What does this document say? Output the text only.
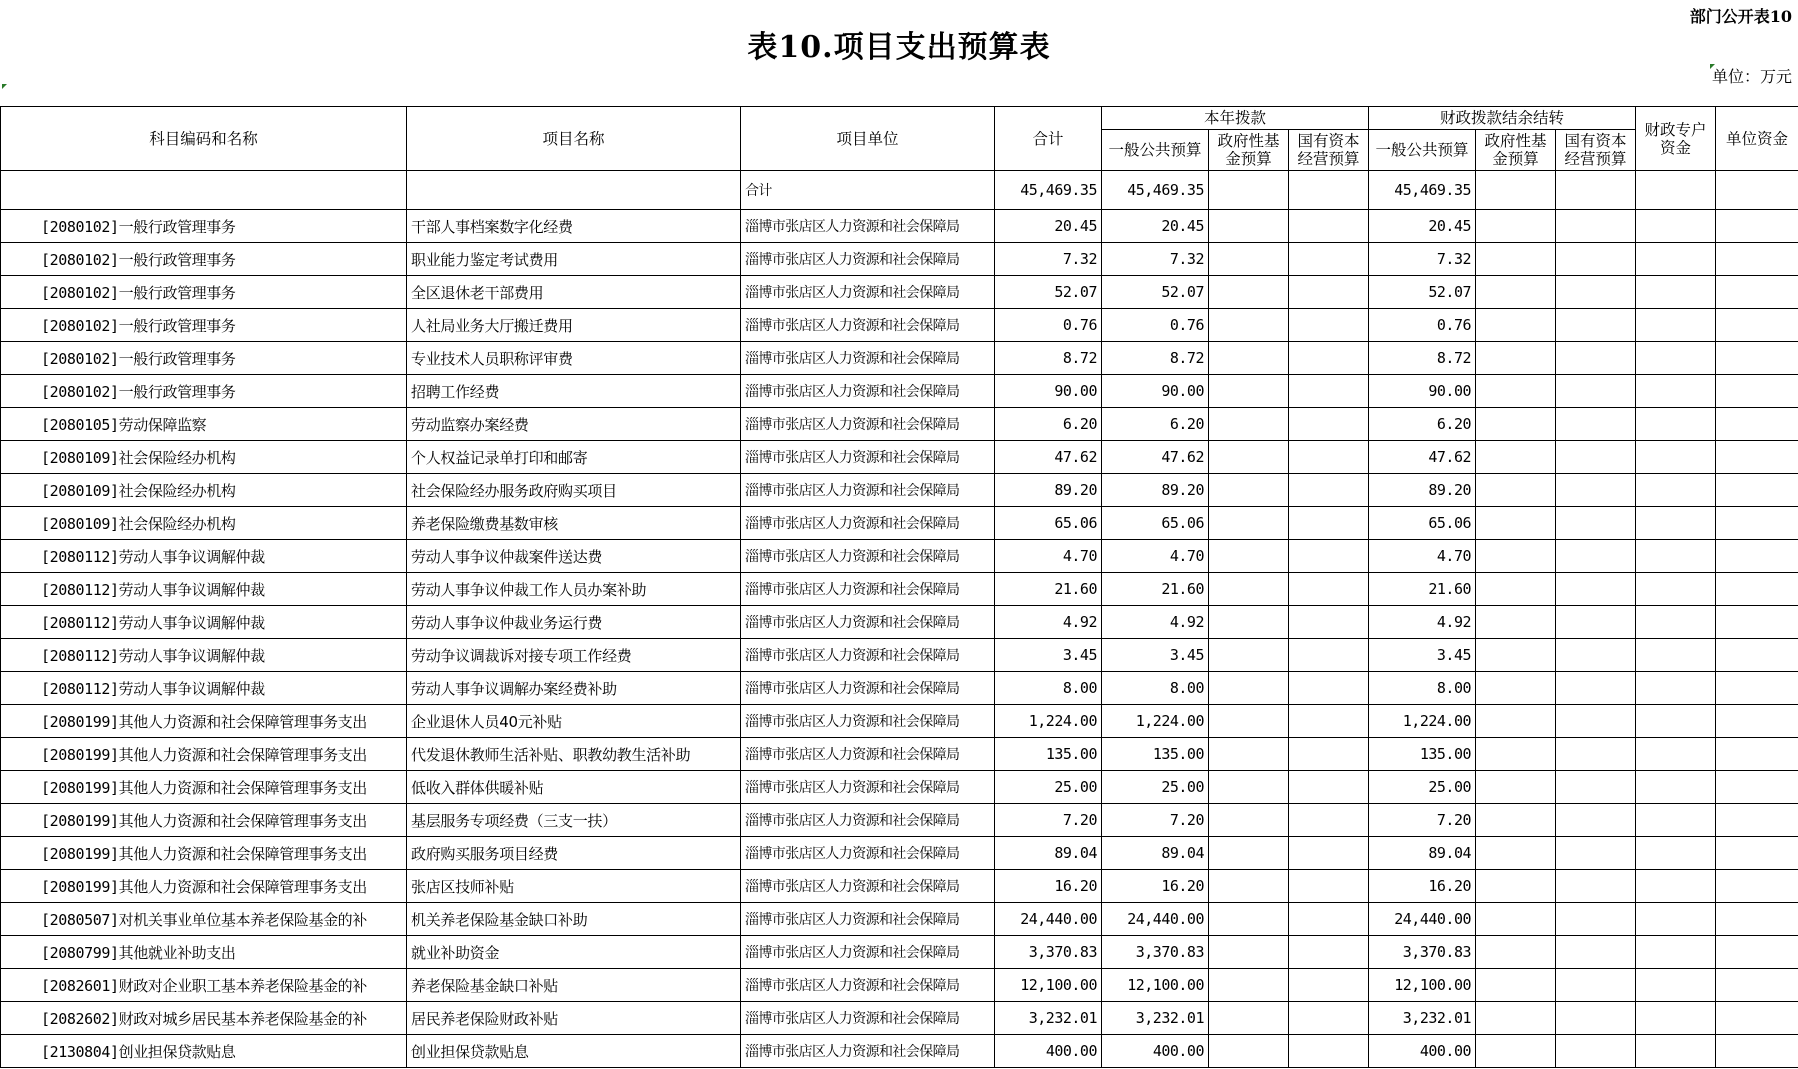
部门公开表10
表10.项目支出预算表
单位：万元
科目编码和名称	项目名称	项目单位	合计	本年拨款			财政拨款结余结转			财政专户资金	单位资金
				一般公共预算	政府性基金预算	国有资本经营预算	一般公共预算	政府性基金预算	国有资本经营预算		
		合计	45,469.35	45,469.35			45,469.35				
[2080102]一般行政管理事务	干部人事档案数字化经费	淄博市张店区人力资源和社会保障局	20.45	20.45			20.45				
[2080102]一般行政管理事务	职业能力鉴定考试费用	淄博市张店区人力资源和社会保障局	7.32	7.32			7.32				
[2080102]一般行政管理事务	全区退休老干部费用	淄博市张店区人力资源和社会保障局	52.07	52.07			52.07				
[2080102]一般行政管理事务	人社局业务大厅搬迁费用	淄博市张店区人力资源和社会保障局	0.76	0.76			0.76				
[2080102]一般行政管理事务	专业技术人员职称评审费	淄博市张店区人力资源和社会保障局	8.72	8.72			8.72				
[2080102]一般行政管理事务	招聘工作经费	淄博市张店区人力资源和社会保障局	90.00	90.00			90.00				
[2080105]劳动保障监察	劳动监察办案经费	淄博市张店区人力资源和社会保障局	6.20	6.20			6.20				
[2080109]社会保险经办机构	个人权益记录单打印和邮寄	淄博市张店区人力资源和社会保障局	47.62	47.62			47.62				
[2080109]社会保险经办机构	社会保险经办服务政府购买项目	淄博市张店区人力资源和社会保障局	89.20	89.20			89.20				
[2080109]社会保险经办机构	养老保险缴费基数审核	淄博市张店区人力资源和社会保障局	65.06	65.06			65.06				
[2080112]劳动人事争议调解仲裁	劳动人事争议仲裁案件送达费	淄博市张店区人力资源和社会保障局	4.70	4.70			4.70				
[2080112]劳动人事争议调解仲裁	劳动人事争议仲裁工作人员办案补助	淄博市张店区人力资源和社会保障局	21.60	21.60			21.60				
[2080112]劳动人事争议调解仲裁	劳动人事争议仲裁业务运行费	淄博市张店区人力资源和社会保障局	4.92	4.92			4.92				
[2080112]劳动人事争议调解仲裁	劳动争议调裁诉对接专项工作经费	淄博市张店区人力资源和社会保障局	3.45	3.45			3.45				
[2080112]劳动人事争议调解仲裁	劳动人事争议调解办案经费补助	淄博市张店区人力资源和社会保障局	8.00	8.00			8.00				
[2080199]其他人力资源和社会保障管理事务支出	企业退休人员40元补贴	淄博市张店区人力资源和社会保障局	1,224.00	1,224.00			1,224.00				
[2080199]其他人力资源和社会保障管理事务支出	代发退休教师生活补贴、职教幼教生活补助	淄博市张店区人力资源和社会保障局	135.00	135.00			135.00				
[2080199]其他人力资源和社会保障管理事务支出	低收入群体供暖补贴	淄博市张店区人力资源和社会保障局	25.00	25.00			25.00				
[2080199]其他人力资源和社会保障管理事务支出	基层服务专项经费（三支一扶）	淄博市张店区人力资源和社会保障局	7.20	7.20			7.20				
[2080199]其他人力资源和社会保障管理事务支出	政府购买服务项目经费	淄博市张店区人力资源和社会保障局	89.04	89.04			89.04				
[2080199]其他人力资源和社会保障管理事务支出	张店区技师补贴	淄博市张店区人力资源和社会保障局	16.20	16.20			16.20				
[2080507]对机关事业单位基本养老保险基金的补	机关养老保险基金缺口补助	淄博市张店区人力资源和社会保障局	24,440.00	24,440.00			24,440.00				
[2080799]其他就业补助支出	就业补助资金	淄博市张店区人力资源和社会保障局	3,370.83	3,370.83			3,370.83				
[2082601]财政对企业职工基本养老保险基金的补	养老保险基金缺口补贴	淄博市张店区人力资源和社会保障局	12,100.00	12,100.00			12,100.00				
[2082602]财政对城乡居民基本养老保险基金的补	居民养老保险财政补贴	淄博市张店区人力资源和社会保障局	3,232.01	3,232.01			3,232.01				
[2130804]创业担保贷款贴息	创业担保贷款贴息	淄博市张店区人力资源和社会保障局	400.00	400.00			400.00				
